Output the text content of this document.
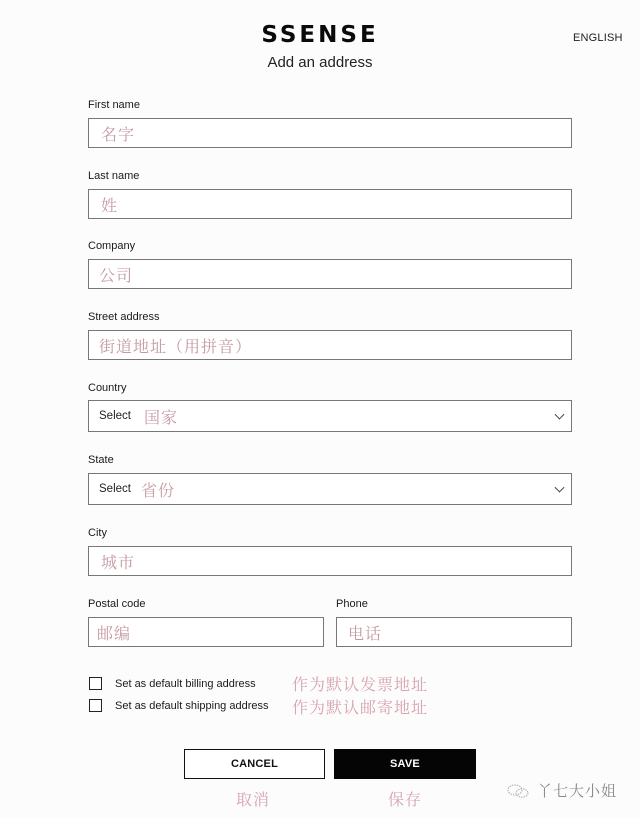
SSENSE	ENGLISH
Add an address
First name
名字
Last name
姓
Company
公司
Street address
街道地址（用拼音）
Country
Select 国家
State
Select 省份
City
城市
Postal code
邮编
Phone
电话
Set as default billing address 作为默认发票地址
Set as default shipping address 作为默认邮寄地址
CANCEL	SAVE
取消	保存
丫七大小姐
